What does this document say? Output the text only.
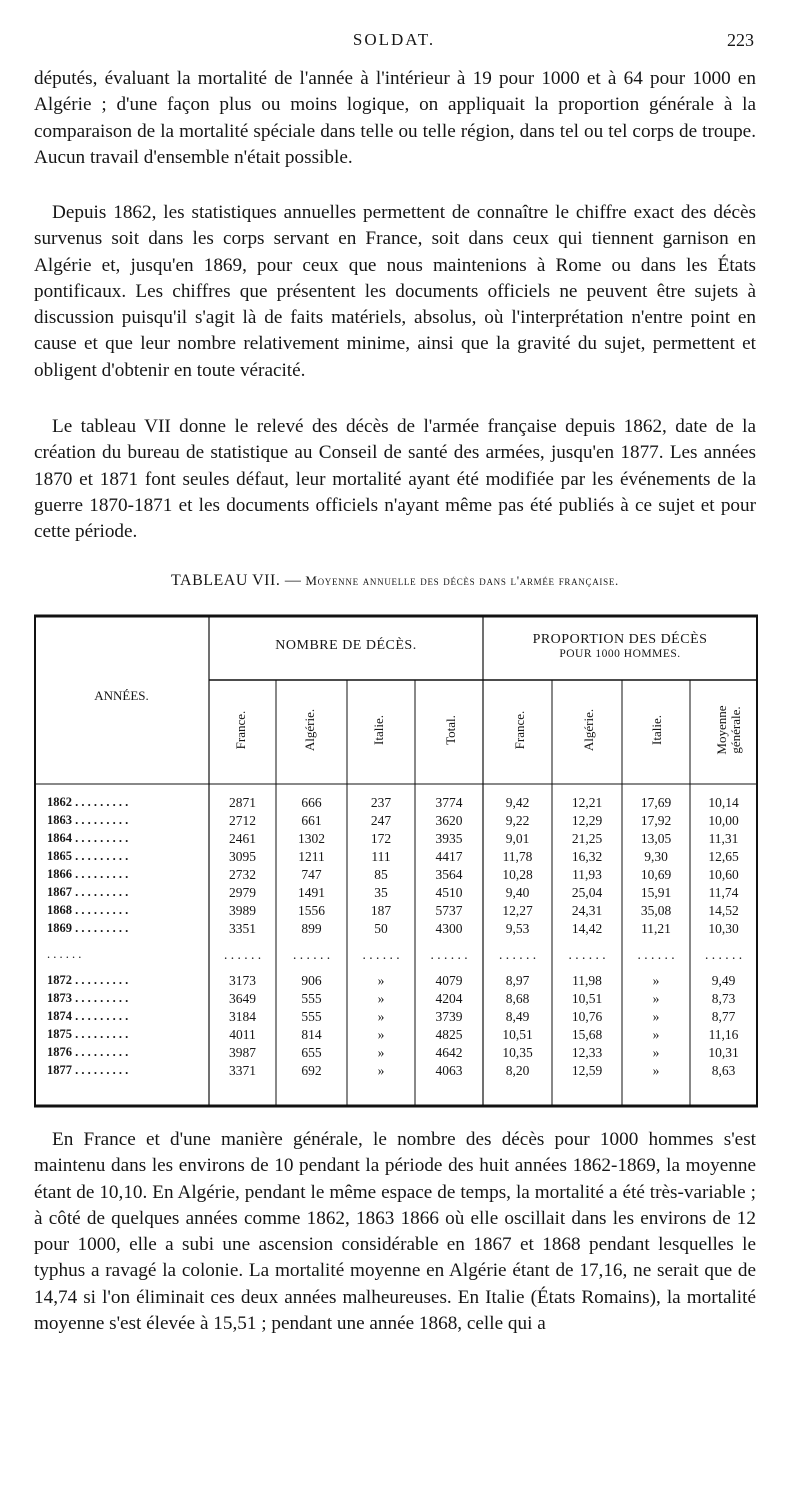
SOLDAT.	223

députés, évaluant la mortalité de l'année à l'intérieur à 19 pour 1000 et à 64 pour 1000 en Algérie ; d'une façon plus ou moins logique, on appliquait la proportion générale à la comparaison de la mortalité spéciale dans telle ou telle région, dans tel ou tel corps de troupe. Aucun travail d'ensemble n'était possible.

Depuis 1862, les statistiques annuelles permettent de connaître le chiffre exact des décès survenus soit dans les corps servant en France, soit dans ceux qui tiennent garnison en Algérie et, jusqu'en 1869, pour ceux que nous maintenions à Rome ou dans les États pontificaux. Les chiffres que présentent les documents officiels ne peuvent être sujets à discussion puisqu'il s'agit là de faits matériels, absolus, où l'interprétation n'entre point en cause et que leur nombre relativement minime, ainsi que la gravité du sujet, permettent et obligent d'obtenir en toute véracité.

Le tableau VII donne le relevé des décès de l'armée française depuis 1862, date de la création du bureau de statistique au Conseil de santé des armées, jusqu'en 1877. Les années 1870 et 1871 font seules défaut, leur mortalité ayant été modifiée par les événements de la guerre 1870-1871 et les documents officiels n'ayant même pas été publiés à ce sujet et pour cette période.

TABLEAU VII. — Moyenne annuelle des décès dans l'armée française.
ANNÉES.
NOMBRE DE DÉCÈS.	PROPORTION DES DÉCÈS
POUR 1000 HOMMES.
France.	Algérie.	Italie.	Total.	France.	Algérie.	Italie.	Moyenne générale.
1862 . . . . . . . . .	2871	666	237	3774	9,42	12,21	17,69	10,14
1863 . . . . . . . . .	2712	661	247	3620	9,22	12,29	17,92	10,00
1864 . . . . . . . . .	2461	1302	172	3935	9,01	21,25	13,05	11,31
1865 . . . . . . . . .	3095	1211	111	4417	11,78	16,32	9,30	12,65
1866 . . . . . . . . .	2732	747	85	3564	10,28	11,93	10,69	10,60
1867 . . . . . . . . .	2979	1491	35	4510	9,40	25,04	15,91	11,74
1868 . . . . . . . . .	3989	1556	187	5737	12,27	24,31	35,08	14,52
1869 . . . . . . . . .	3351	899	50	4300	9,53	14,42	11,21	10,30
1872 . . . . . . . . .	3173	906	»	4079	8,97	11,98	»	9,49
1873 . . . . . . . . .	3649	555	»	4204	8,68	10,51	»	8,73
1874 . . . . . . . . .	3184	555	»	3739	8,49	10,76	»	8,77
1875 . . . . . . . . .	4011	814	»	4825	10,51	15,68	»	11,16
1876 . . . . . . . . .	3987	655	»	4642	10,35	12,33	»	10,31
1877 . . . . . . . . .	3371	692	»	4063	8,20	12,59	»	8,63
. . . . . .	. . . . . .	. . . . . .	. . . . . .	. . . . . .	. . . . . .	. . . . . .	. . . . . .	. . . . . .

En France et d'une manière générale, le nombre des décès pour 1000 hommes s'est maintenu dans les environs de 10 pendant la période des huit années 1862-1869, la moyenne étant de 10,10. En Algérie, pendant le même espace de temps, la mortalité a été très-variable ; à côté de quelques années comme 1862, 1863 1866 où elle oscillait dans les environs de 12 pour 1000, elle a subi une ascension considérable en 1867 et 1868 pendant lesquelles le typhus a ravagé la colonie. La mortalité moyenne en Algérie étant de 17,16, ne serait que de 14,74 si l'on éliminait ces deux années malheureuses. En Italie (États Romains), la mortalité moyenne s'est élevée à 15,51 ; pendant une année 1868, celle qui a
